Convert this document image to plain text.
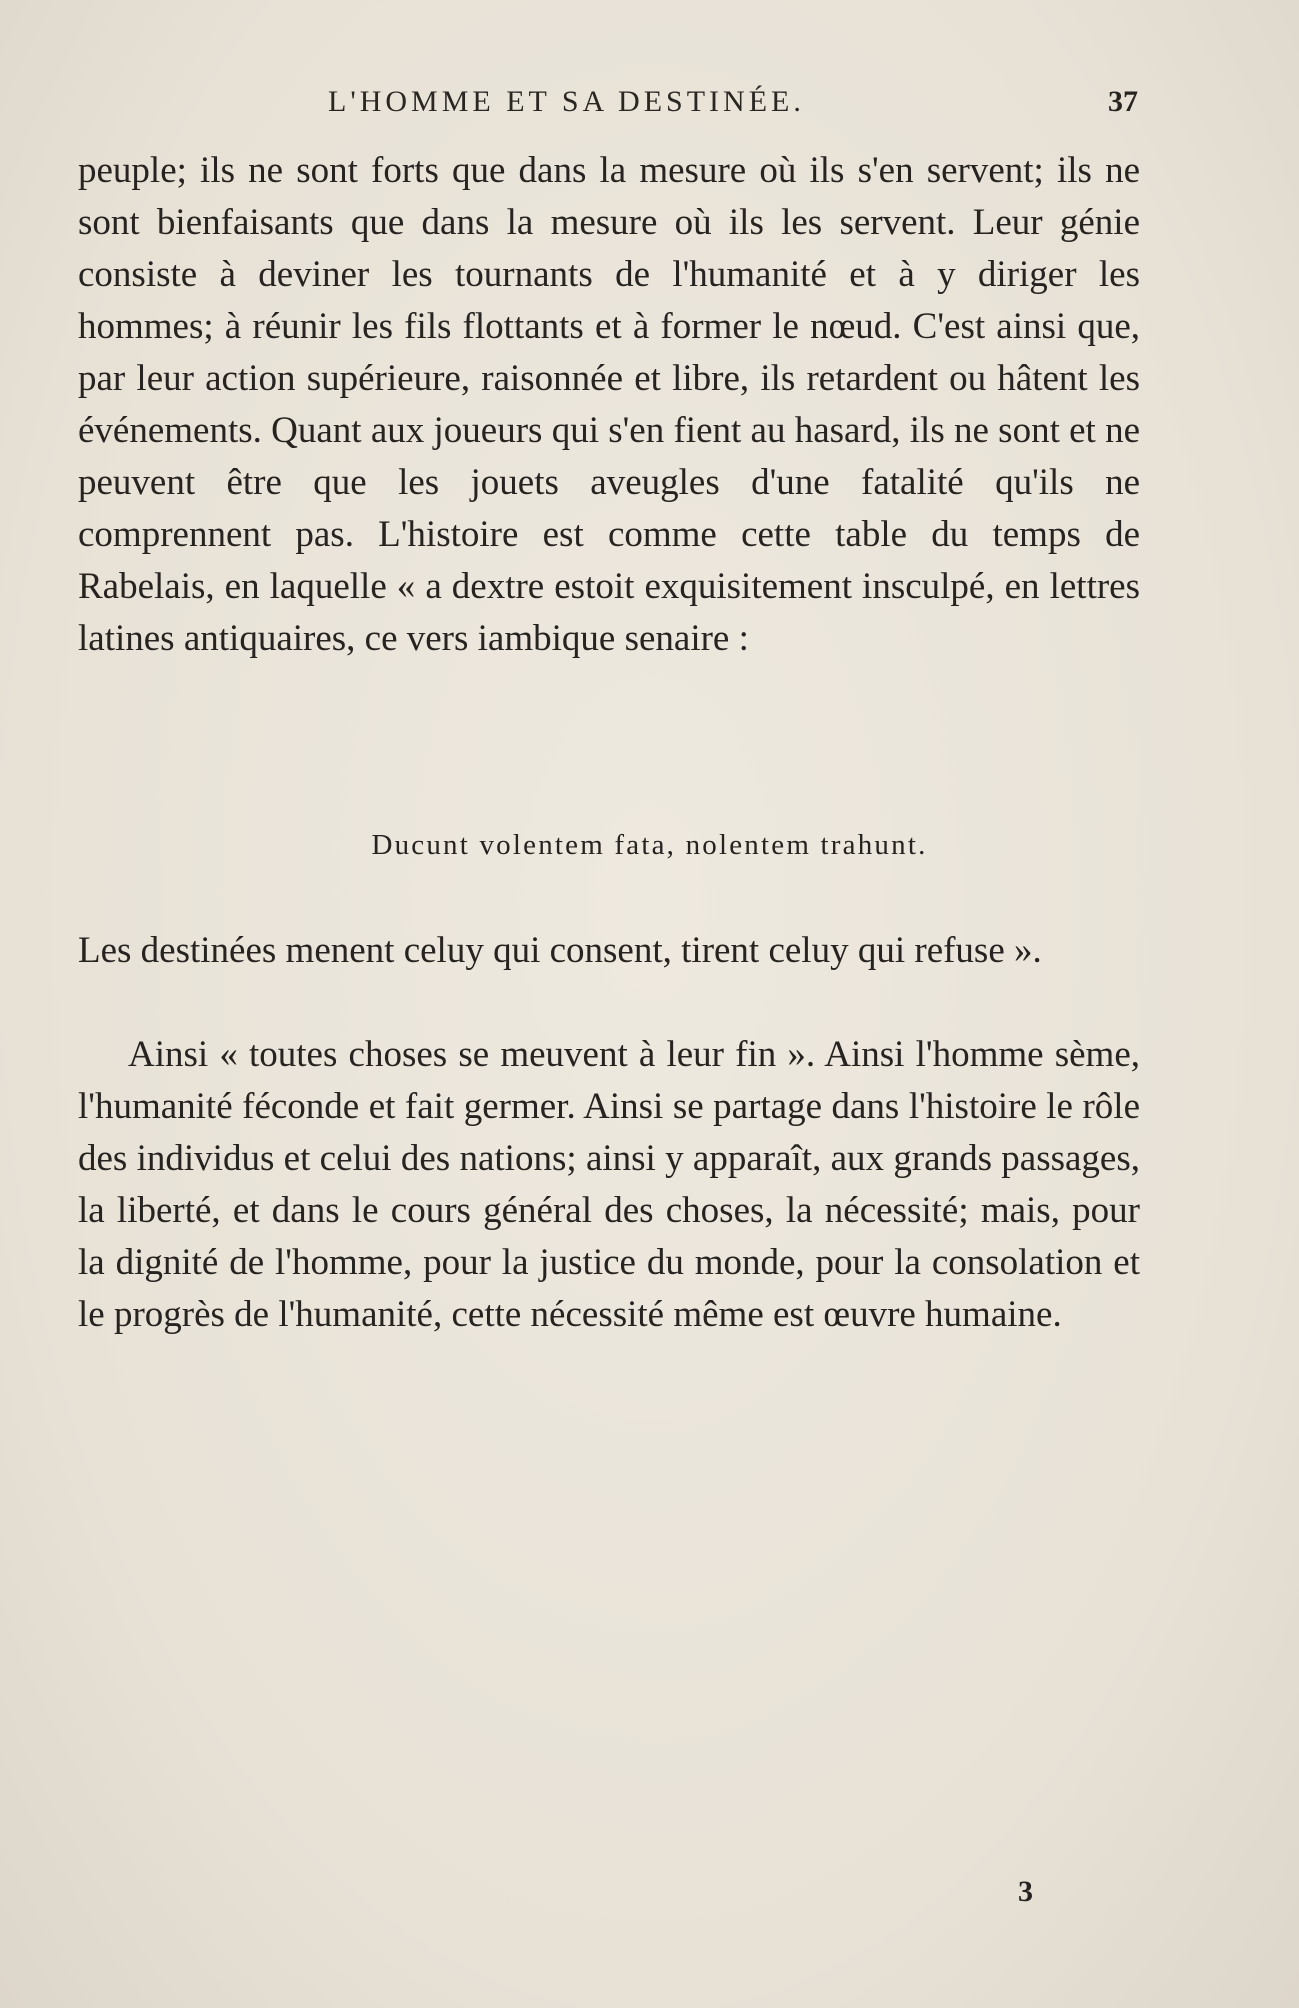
L'HOMME ET SA DESTINÉE.	37

peuple; ils ne sont forts que dans la mesure où ils s'en servent; ils ne sont bienfaisants que dans la mesure où ils les servent. Leur génie consiste à deviner les tournants de l'humanité et à y diriger les hommes; à réunir les fils flottants et à former le nœud. C'est ainsi que, par leur action supérieure, raisonnée et libre, ils retardent ou hâtent les événements. Quant aux joueurs qui s'en fient au hasard, ils ne sont et ne peuvent être que les jouets aveugles d'une fatalité qu'ils ne comprennent pas. L'histoire est comme cette table du temps de Rabelais, en laquelle « a dextre estoit exquisitement insculpé, en lettres latines antiquaires, ce vers iambique senaire :

Ducunt volentem fata, nolentem trahunt.

Les destinées menent celuy qui consent, tirent celuy qui refuse ».

Ainsi « toutes choses se meuvent à leur fin ». Ainsi l'homme sème, l'humanité féconde et fait germer. Ainsi se partage dans l'histoire le rôle des individus et celui des nations; ainsi y apparaît, aux grands passages, la liberté, et dans le cours général des choses, la nécessité; mais, pour la dignité de l'homme, pour la justice du monde, pour la consolation et le progrès de l'humanité, cette nécessité même est œuvre humaine.

3
